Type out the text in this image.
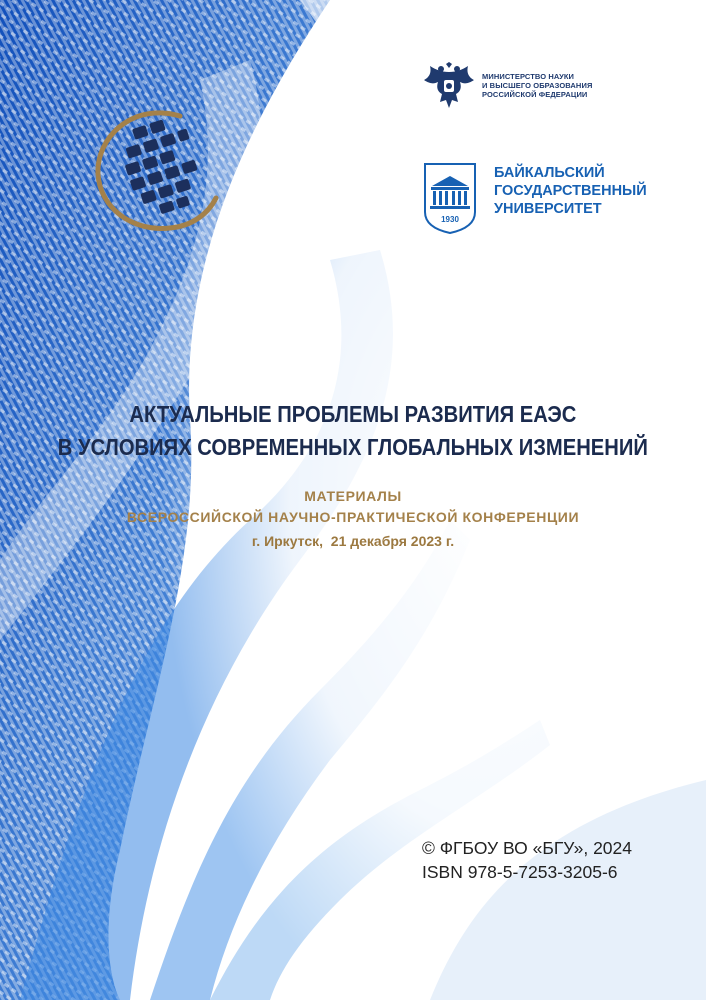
МИНИСТЕРСТВО НАУКИ
И ВЫСШЕГО ОБРАЗОВАНИЯ
РОССИЙСКОЙ ФЕДЕРАЦИИ
1930
БАЙКАЛЬСКИЙ
ГОСУДАРСТВЕННЫЙ
УНИВЕРСИТЕТ
АКТУАЛЬНЫЕ ПРОБЛЕМЫ РАЗВИТИЯ ЕАЭС
В УСЛОВИЯХ СОВРЕМЕННЫХ ГЛОБАЛЬНЫХ ИЗМЕНЕНИЙ
МАТЕРИАЛЫ
ВСЕРОССИЙСКОЙ НАУЧНО-ПРАКТИЧЕСКОЙ КОНФЕРЕНЦИИ
г. Иркутск,  21 декабря 2023 г.
© ФГБОУ ВО «БГУ», 2024
ISBN 978-5-7253-3205-6
